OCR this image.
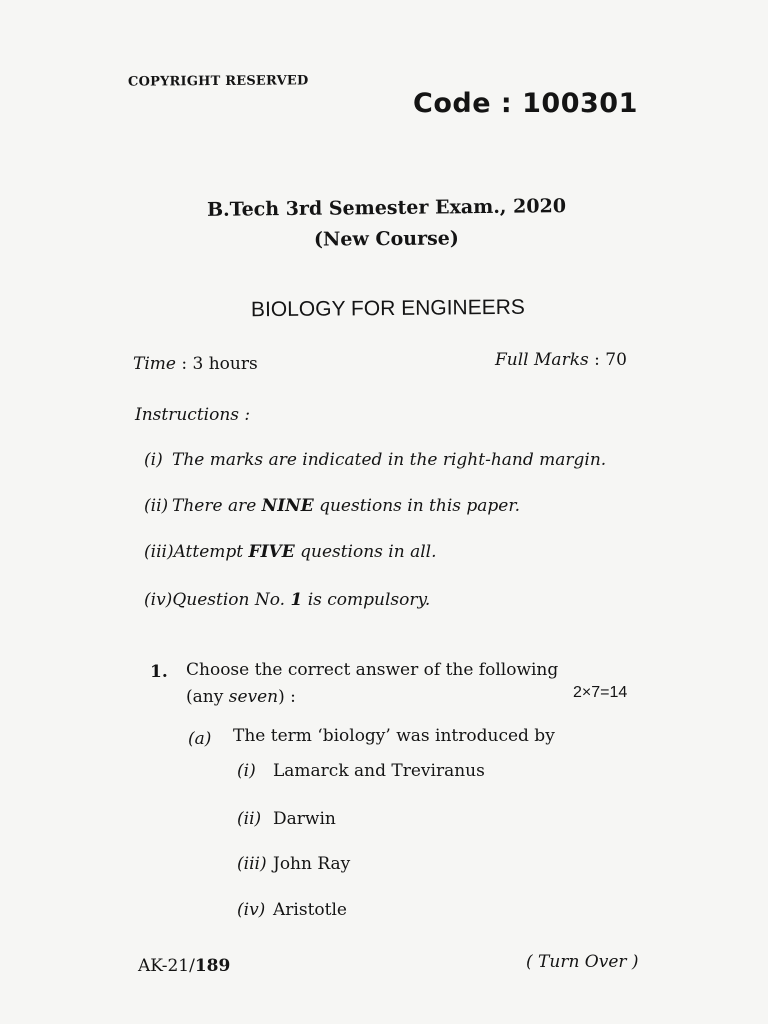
COPYRIGHT RESERVED
Code : 100301
B.Tech 3rd Semester Exam., 2020
(New Course)
BIOLOGY FOR ENGINEERS
Time : 3 hours	Full Marks : 70
Instructions :
(i) The marks are indicated in the right-hand margin.
(ii) There are NINE questions in this paper.
(iii)Attempt FIVE questions in all.
(iv)Question No. 1 is compulsory.
1. Choose the correct answer of the following
(any seven) :	2×7=14
(a) The term ‘biology’ was introduced by
(i) Lamarck and Treviranus
(ii) Darwin
(iii) John Ray
(iv) Aristotle
AK-21/189	( Turn Over )
